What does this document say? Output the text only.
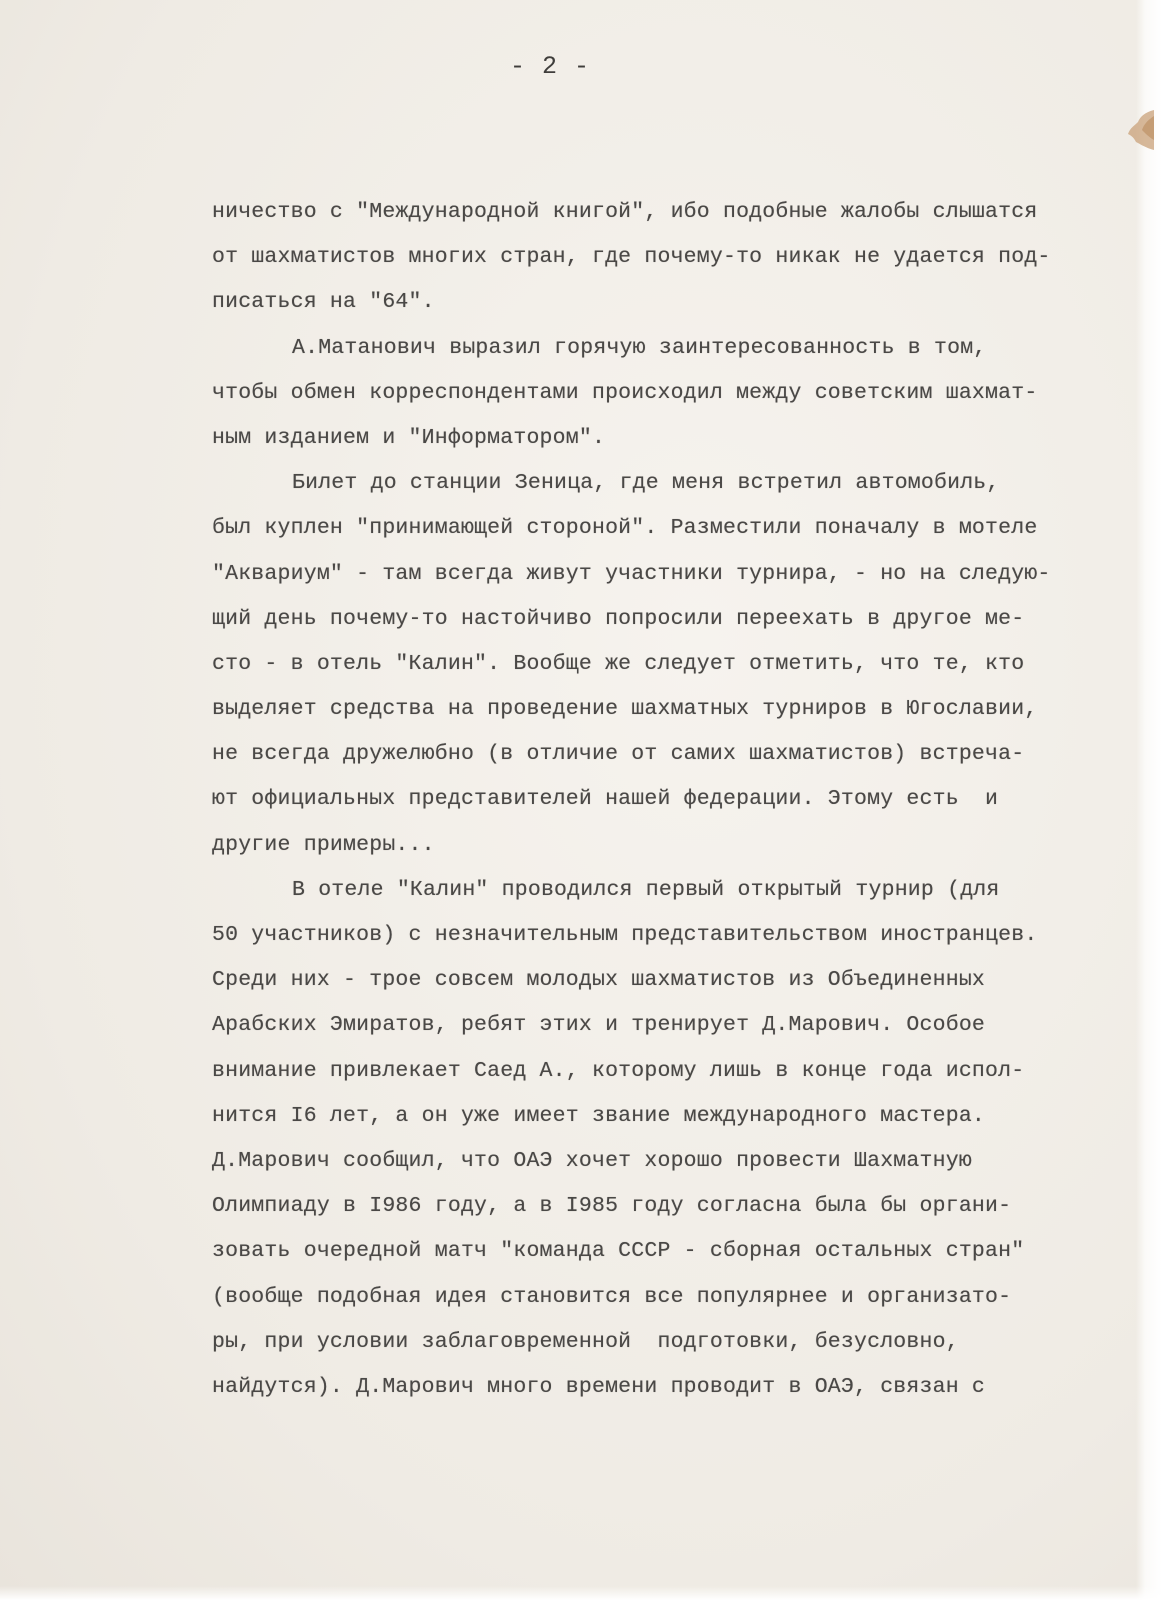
- 2 -
ничество с "Международной книгой", ибо подобные жалобы слышатся
от шахматистов многих стран, где почему-то никак не удается под-
писаться на "64".
А.Матанович выразил горячую заинтересованность в том,
чтобы обмен корреспондентами происходил между советским шахмат-
ным изданием и "Информатором".
Билет до станции Зеница, где меня встретил автомобиль,
был куплен "принимающей стороной". Разместили поначалу в мотеле
"Аквариум" - там всегда живут участники турнира, - но на следую-
щий день почему-то настойчиво попросили переехать в другое ме-
сто - в отель "Калин". Вообще же следует отметить, что те, кто
выделяет средства на проведение шахматных турниров в Югославии,
не всегда дружелюбно (в отличие от самих шахматистов) встреча-
ют официальных представителей нашей федерации. Этому есть  и
другие примеры...
В отеле "Калин" проводился первый открытый турнир (для
50 участников) с незначительным представительством иностранцев.
Среди них - трое совсем молодых шахматистов из Объединенных
Арабских Эмиратов, ребят этих и тренирует Д.Марович. Особое
внимание привлекает Саед А., которому лишь в конце года испол-
нится I6 лет, а он уже имеет звание международного мастера.
Д.Марович сообщил, что ОАЭ хочет хорошо провести Шахматную
Олимпиаду в I986 году, а в I985 году согласна была бы органи-
зовать очередной матч "команда СССР - сборная остальных стран"
(вообще подобная идея становится все популярнее и организато-
ры, при условии заблаговременной  подготовки, безусловно,
найдутся). Д.Марович много времени проводит в ОАЭ, связан с
